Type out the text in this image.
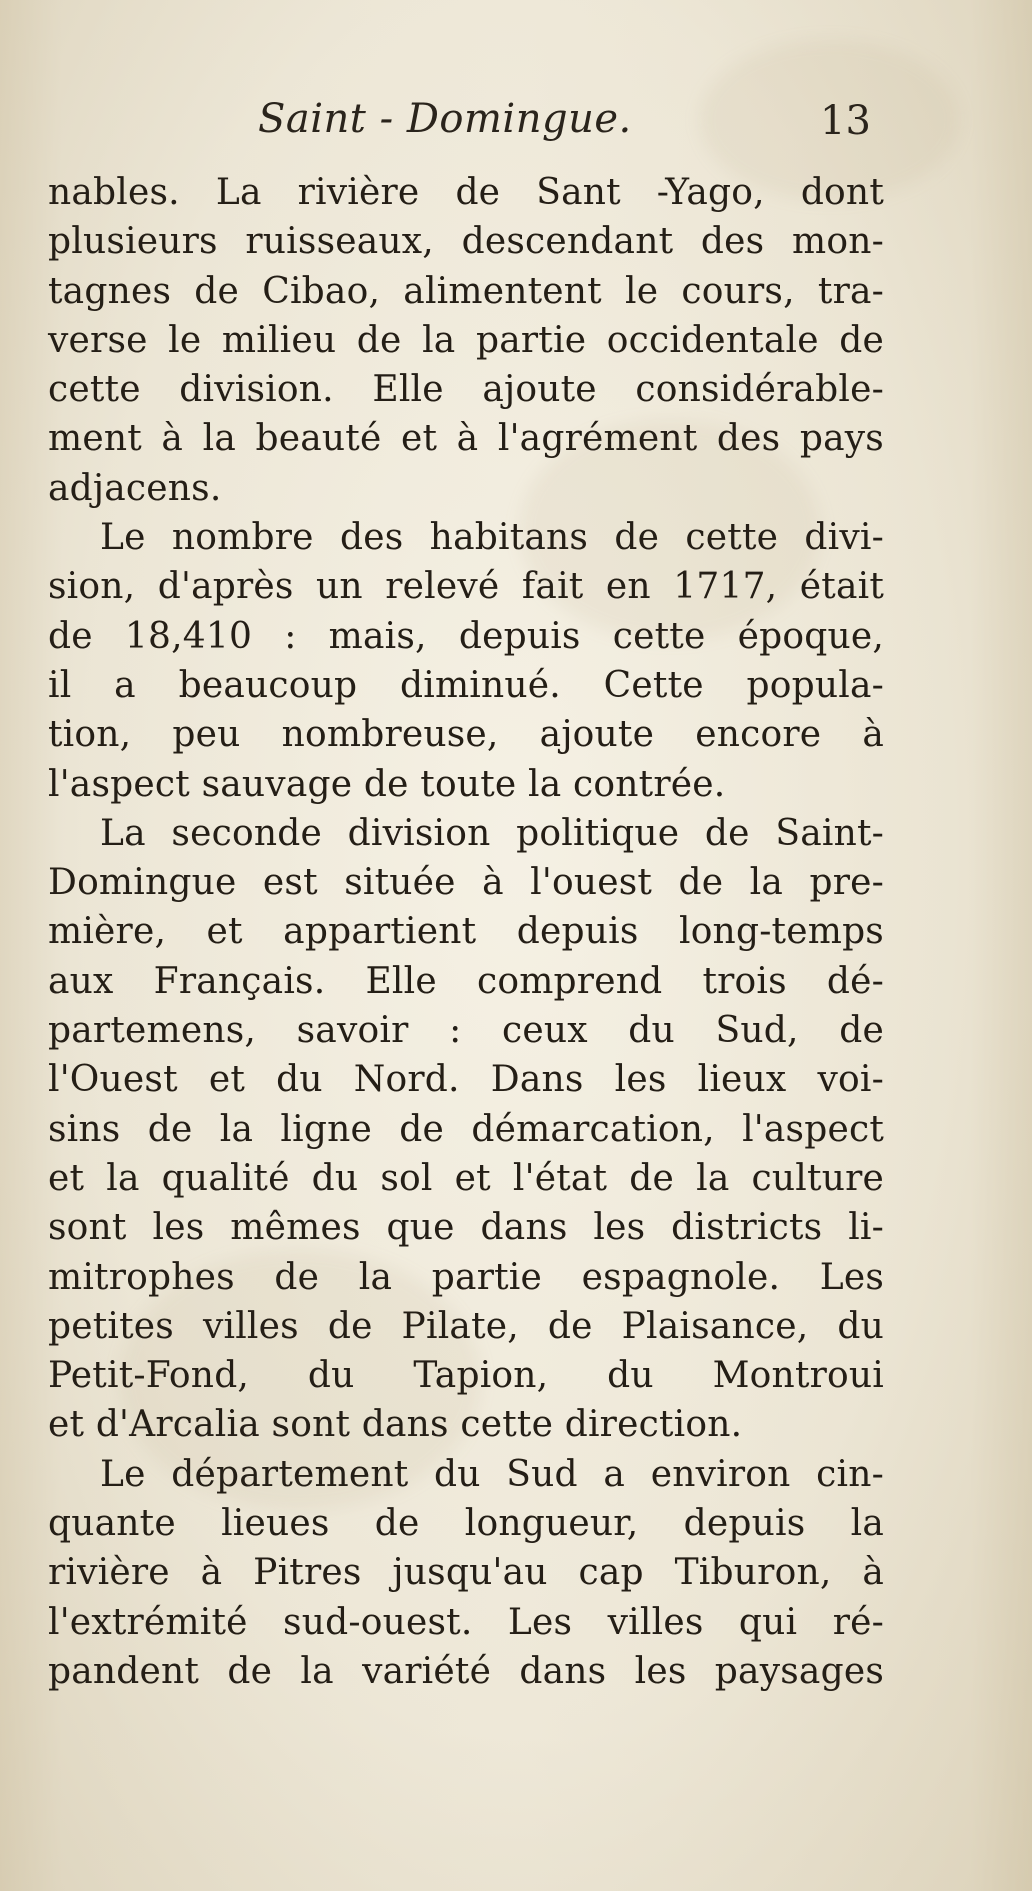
Saint - Domingue.	13
nables. La rivière de Sant -Yago, dont
plusieurs ruisseaux, descendant des mon-
tagnes de Cibao, alimentent le cours, tra-
verse le milieu de la partie occidentale de
cette division. Elle ajoute considérable-
ment à la beauté et à l'agrément des pays
adjacens.
Le nombre des habitans de cette divi-
sion, d'après un relevé fait en 1717, était
de 18,410 : mais, depuis cette époque,
il a beaucoup diminué. Cette popula-
tion, peu nombreuse, ajoute encore à
l'aspect sauvage de toute la contrée.
La seconde division politique de Saint-
Domingue est située à l'ouest de la pre-
mière, et appartient depuis long-temps
aux Français. Elle comprend trois dé-
partemens, savoir : ceux du Sud, de
l'Ouest et du Nord. Dans les lieux voi-
sins de la ligne de démarcation, l'aspect
et la qualité du sol et l'état de la culture
sont les mêmes que dans les districts li-
mitrophes de la partie espagnole. Les
petites villes de Pilate, de Plaisance, du
Petit-Fond, du Tapion, du Montroui
et d'Arcalia sont dans cette direction.
Le département du Sud a environ cin-
quante lieues de longueur, depuis la
rivière à Pitres jusqu'au cap Tiburon, à
l'extrémité sud-ouest. Les villes qui ré-
pandent de la variété dans les paysages
